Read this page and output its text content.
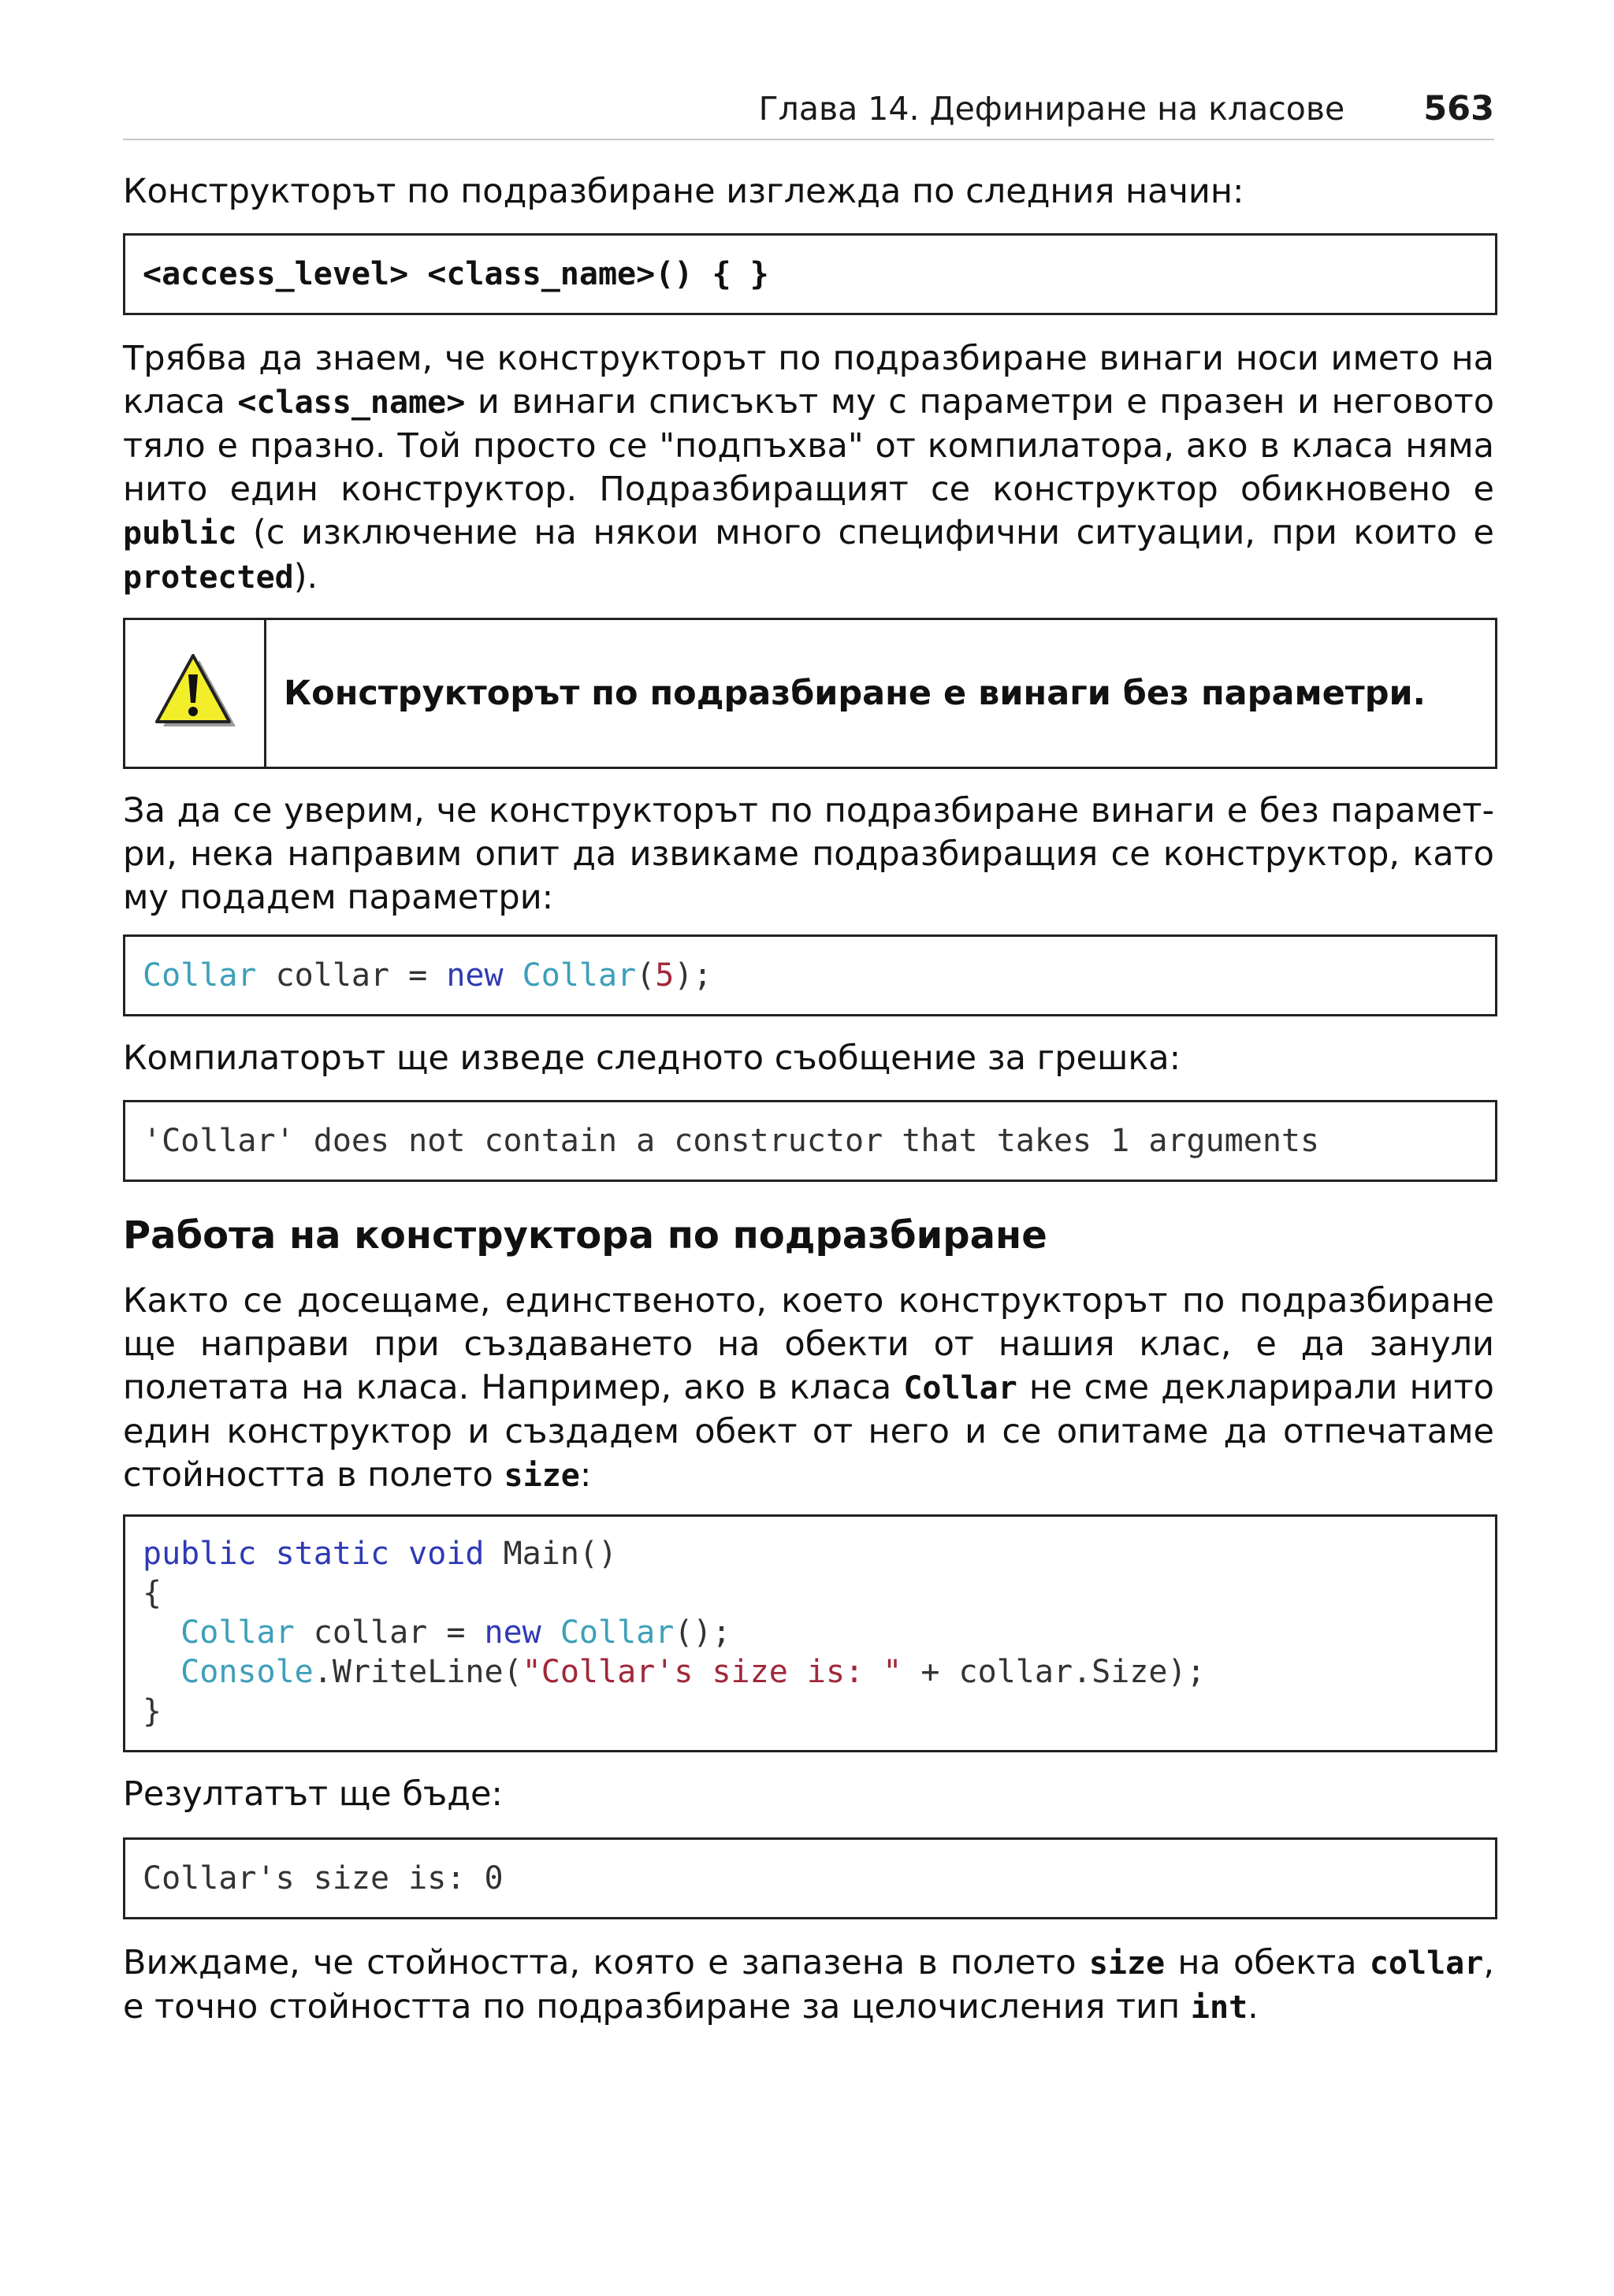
Глава 14. Дефиниране на класове 563
Конструкторът по подразбиране изглежда по следния начин:
<access_level> <class_name>() { }
Трябва да знаем, че конструкторът по подразбиране винаги носи името на класа <class_name> и винаги списъкът му с параметри е празен и неговото тяло е празно. Той просто се "подпъхва" от компилатора, ако в класа няма нито един конструктор. Подразбиращият се конструктор обикновено е public (с изключение на някои много специфични ситуации, при които е protected).
Конструкторът по подразбиране е винаги без параметри.
За да се уверим, че конструкторът по подразбиране винаги е без парамет-ри, нека направим опит да извикаме подразбиращия се конструктор, като му подадем параметри:
Collar collar = new
Collar ( 5 );
Компилаторът ще изведе следното съобщение за грешка:
'Collar' does not contain a constructor that takes 1 arguments
Работа на конструктора по подразбиране
Както се досещаме, единственото, което конструкторът по подразбиране ще направи при създаването на обекти от нашия клас, е да занули полетата на класа. Например, ако в класа Collar не сме декларирали нито един конструктор и създадем обект от него и се опитаме да отпечатаме стойността в полето size:
public static void Main()
{
Collar collar = new Collar();
Console.WriteLine("Collar's size is: " + collar.Size);
}
Резултатът ще бъде:
Collar's size is: 0
Виждаме, че стойността, която е запазена в полето size на обекта collar, е точно стойността по подразбиране за целочисления тип int.
